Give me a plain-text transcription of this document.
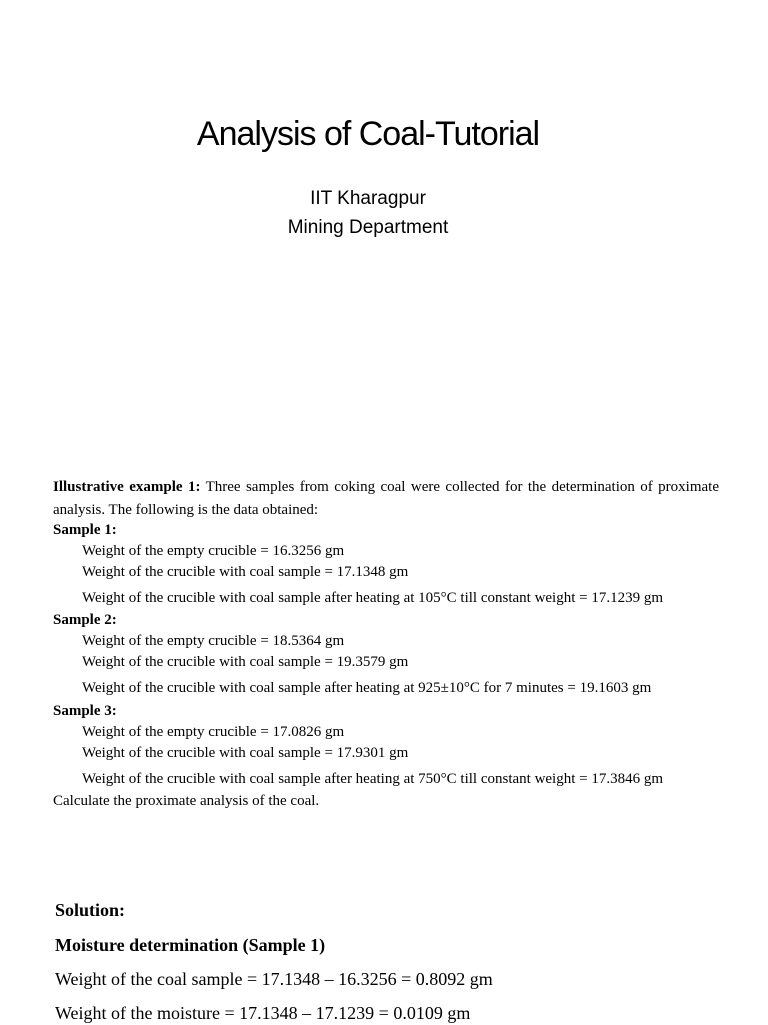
Analysis of Coal-Tutorial
IIT Kharagpur
Mining Department
Illustrative example 1: Three samples from coking coal were collected for the determination of proximate analysis. The following is the data obtained:
Sample 1:
Weight of the empty crucible = 16.3256 gm
Weight of the crucible with coal sample = 17.1348 gm
Weight of the crucible with coal sample after heating at 105°C till constant weight = 17.1239 gm
Sample 2:
Weight of the empty crucible = 18.5364 gm
Weight of the crucible with coal sample = 19.3579 gm
Weight of the crucible with coal sample after heating at 925±10°C for 7 minutes = 19.1603 gm
Sample 3:
Weight of the empty crucible = 17.0826 gm
Weight of the crucible with coal sample = 17.9301 gm
Weight of the crucible with coal sample after heating at 750°C till constant weight = 17.3846 gm
Calculate the proximate analysis of the coal.
Solution:
Moisture determination (Sample 1)
Weight of the coal sample = 17.1348 – 16.3256 = 0.8092 gm
Weight of the moisture = 17.1348 – 17.1239 = 0.0109 gm
